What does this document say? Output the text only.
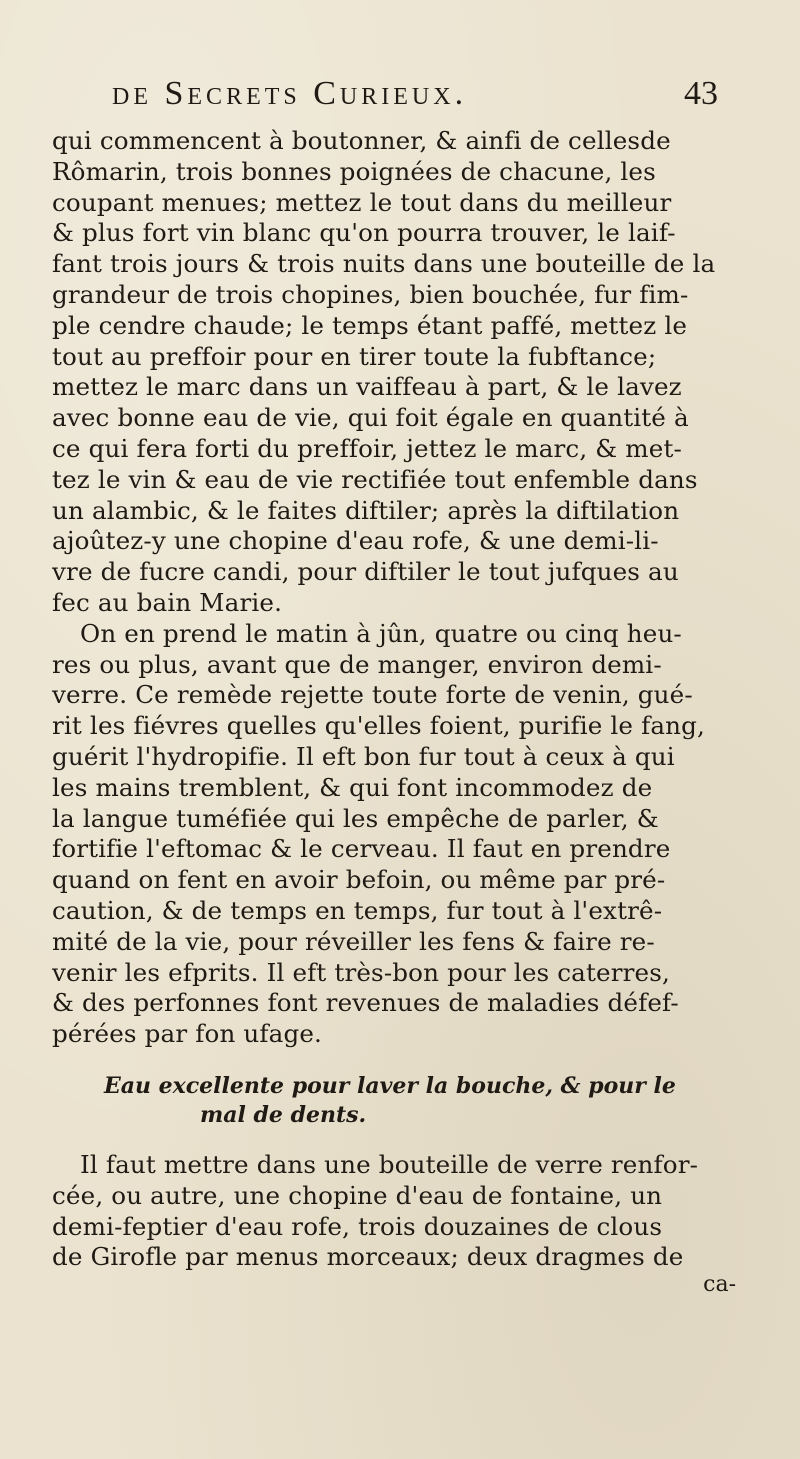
de Secrets Curieux.	43
qui commencent à boutonner, & ainfi de cellesde
Rômarin, trois bonnes poignées de chacune, les
coupant menues; mettez le tout dans du meilleur
& plus fort vin blanc qu'on pourra trouver, le laif-
fant trois jours & trois nuits dans une bouteille de la
grandeur de trois chopines, bien bouchée, fur fim-
ple cendre chaude; le temps étant paffé, mettez le
tout au preffoir pour en tirer toute la fubftance;
mettez le marc dans un vaiffeau à part, & le lavez
avec bonne eau de vie, qui foit égale en quantité à
ce qui fera forti du preffoir, jettez le marc, & met-
tez le vin & eau de vie rectifiée tout enfemble dans
un alambic, & le faites diftiler; après la diftilation
ajoûtez-y une chopine d'eau rofe, & une demi-li-
vre de fucre candi, pour diftiler le tout jufques au
fec au bain Marie.
On en prend le matin à jûn, quatre ou cinq heu-
res ou plus, avant que de manger, environ demi-
verre. Ce remède rejette toute forte de venin, gué-
rit les fiévres quelles qu'elles foient, purifie le fang,
guérit l'hydropifie. Il eft bon fur tout à ceux à qui
les mains tremblent, & qui font incommodez de
la langue tuméfiée qui les empêche de parler, &
fortifie l'eftomac & le cerveau. Il faut en prendre
quand on fent en avoir befoin, ou même par pré-
caution, & de temps en temps, fur tout à l'extrê-
mité de la vie, pour réveiller les fens & faire re-
venir les efprits. Il eft très-bon pour les caterres,
& des perfonnes font revenues de maladies défef-
pérées par fon ufage.
Eau excellente pour laver la bouche, & pour le
mal de dents.
Il faut mettre dans une bouteille de verre renfor-
cée, ou autre, une chopine d'eau de fontaine, un
demi-feptier d'eau rofe, trois douzaines de clous
de Girofle par menus morceaux; deux dragmes de
ca-
